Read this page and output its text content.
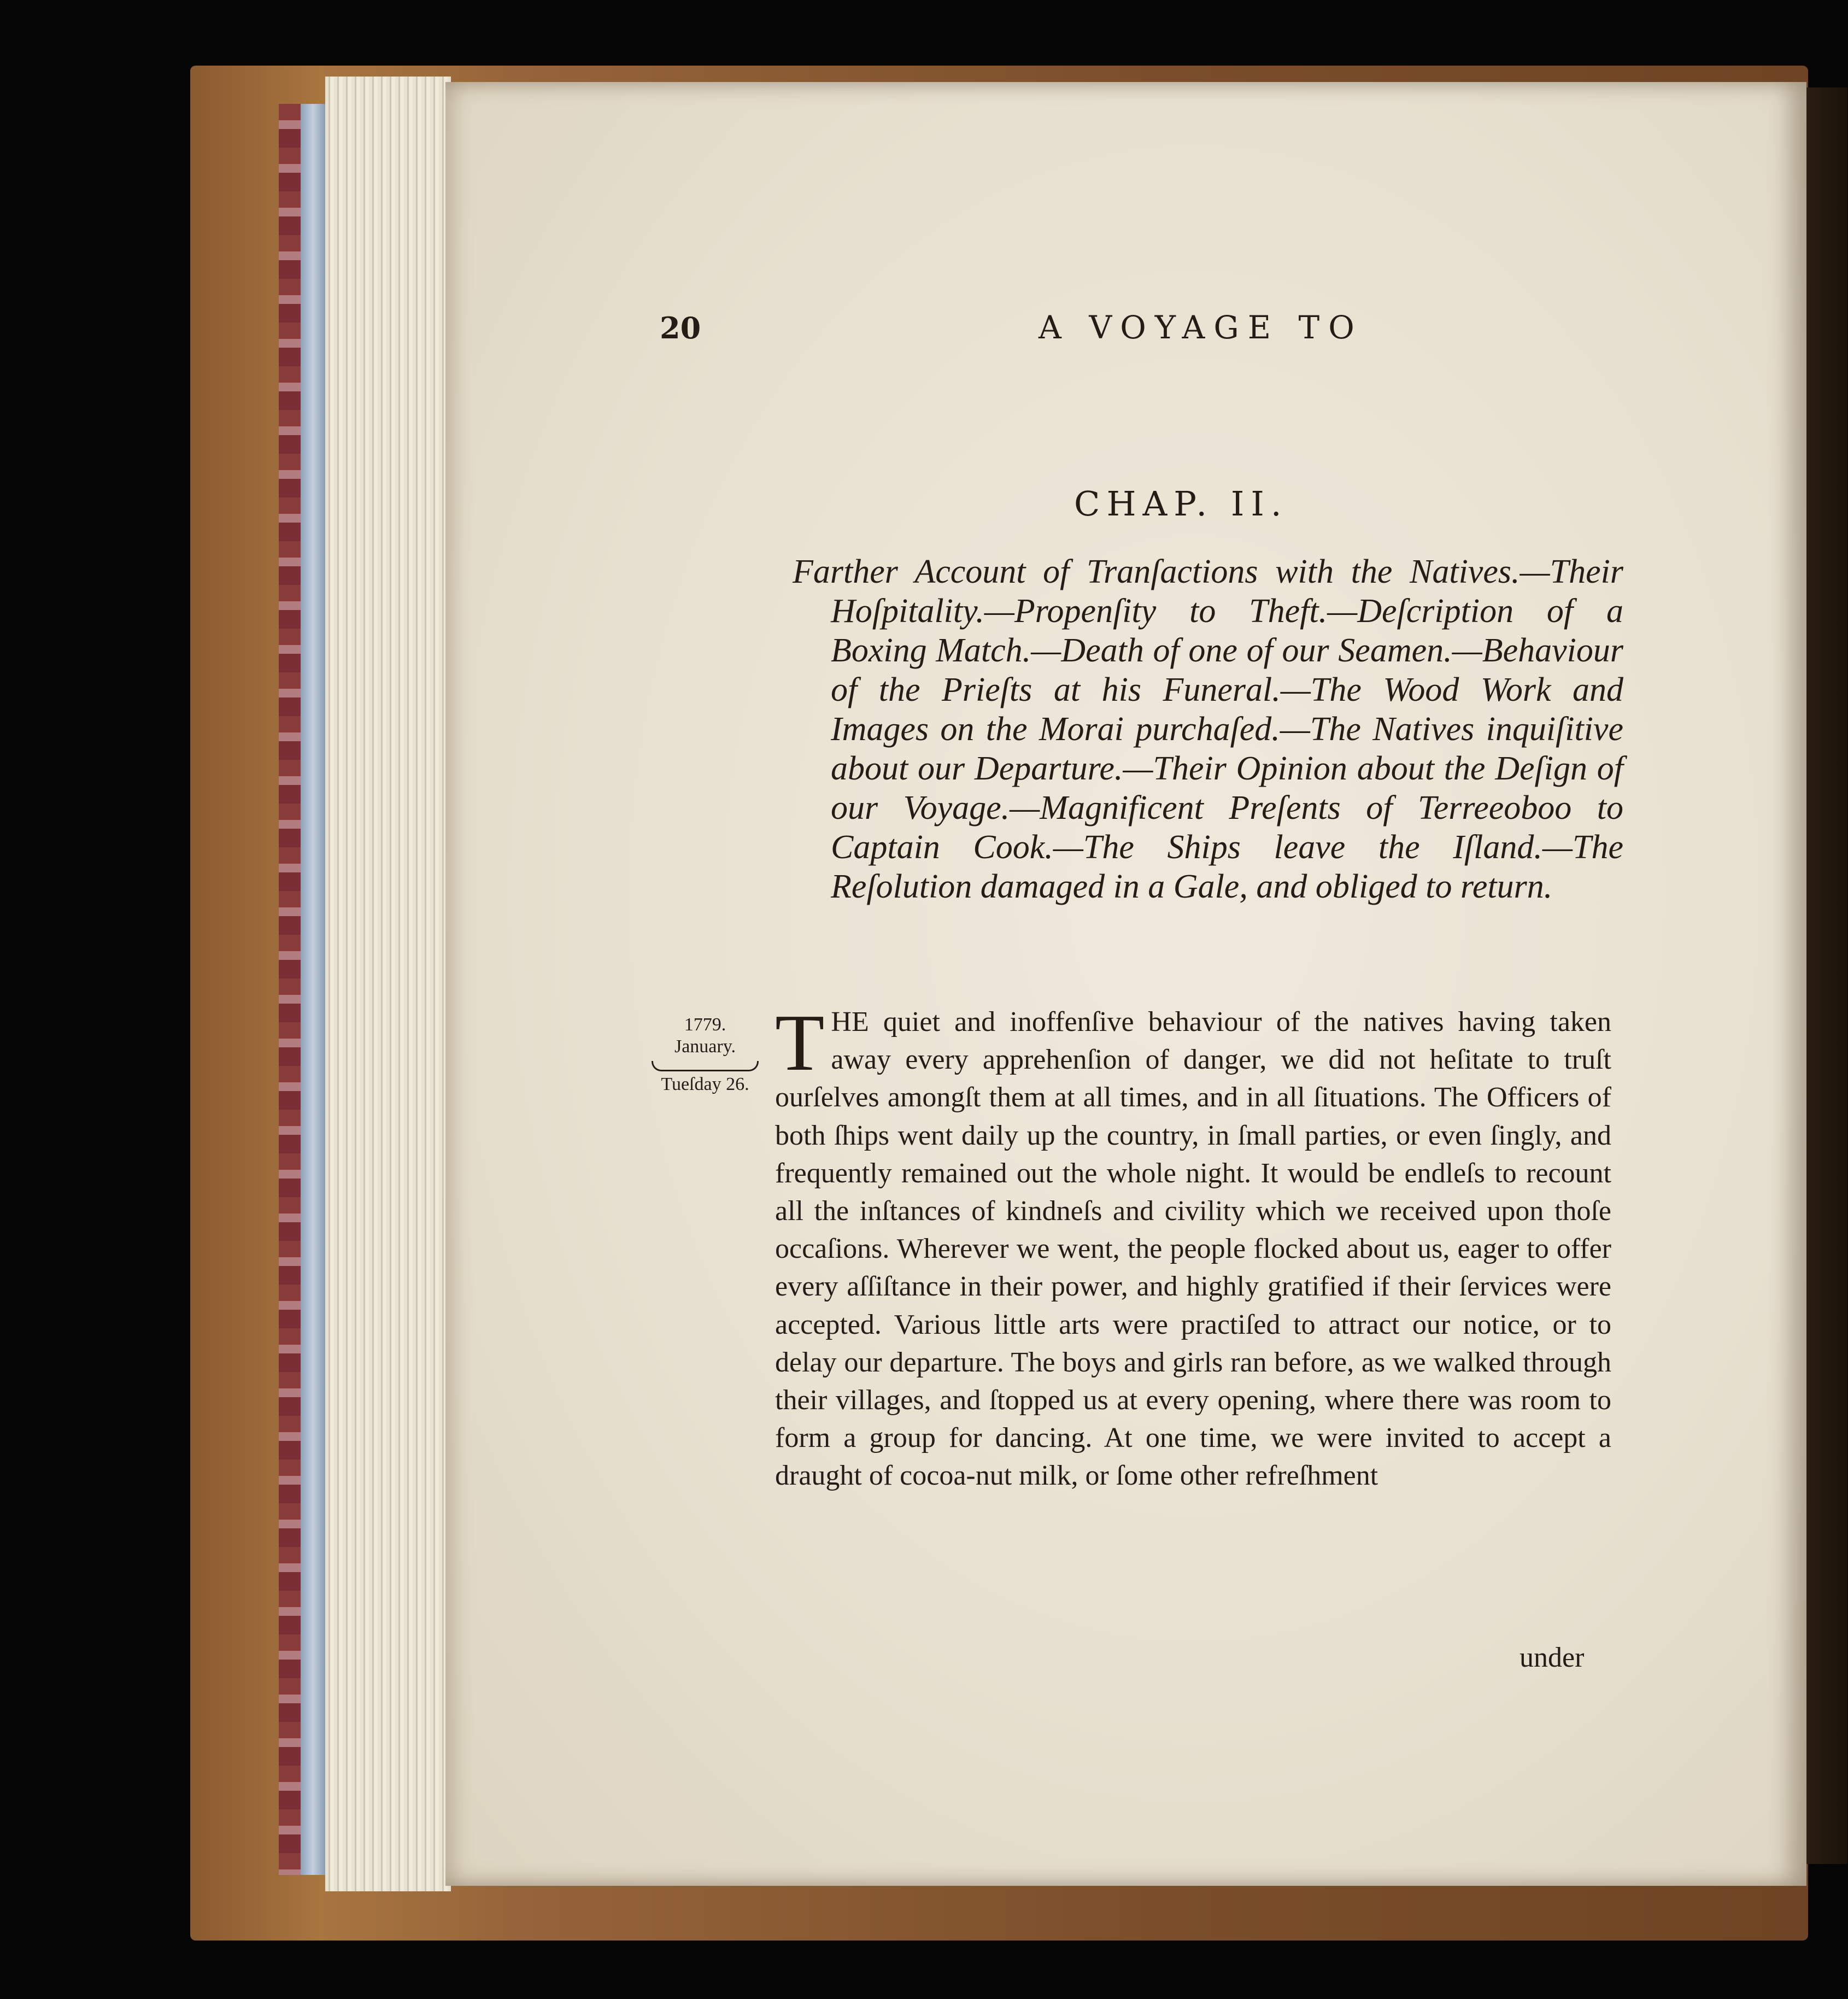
20	A VOYAGE TO
CHAP. II.
Farther Account of Tranſactions with the Natives.—Their Hoſpitality.—Propenſity to Theft.—Deſcription of a Boxing Match.—Death of one of our Seamen.—Behaviour of the Prieſts at his Funeral.—The Wood Work and Images on the Morai purchaſed.—The Natives inquiſitive about our Departure.—Their Opinion about the Deſign of our Voyage.—Magnificent Preſents of Terreeoboo to Captain Cook.—The Ships leave the Iſland.—The Reſolution damaged in a Gale, and obliged to return.
1779.
January.
Tueſday 26. THE quiet and inoffenſive behaviour of the natives having taken away every apprehenſion of danger, we did not heſitate to truſt ourſelves amongſt them at all times, and in all ſituations. The Officers of both ſhips went daily up the country, in ſmall parties, or even ſingly, and frequently remained out the whole night. It would be endleſs to recount all the inſtances of kindneſs and civility which we received upon thoſe occaſions. Wherever we went, the people flocked about us, eager to offer every aſſiſtance in their power, and highly gratified if their ſervices were accepted. Various little arts were practiſed to attract our notice, or to delay our departure. The boys and girls ran before, as we walked through their villages, and ſtopped us at every opening, where there was room to form a group for dancing. At one time, we were invited to accept a draught of cocoa-nut milk, or ſome other refreſhment
under
